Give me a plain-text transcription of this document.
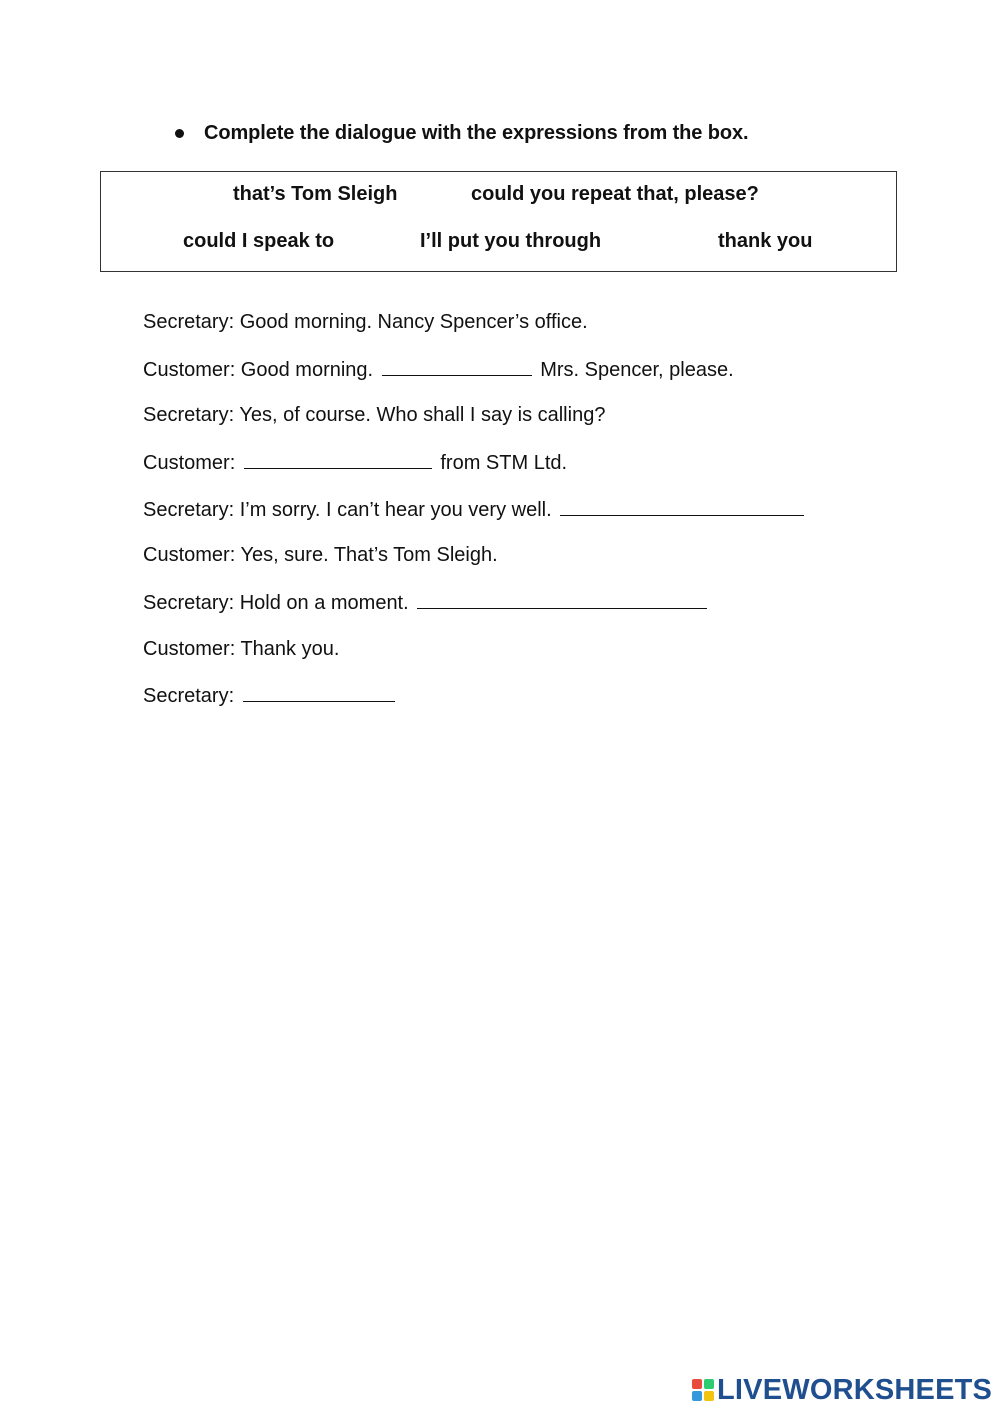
Complete the dialogue with the expressions from the box.
that’s Tom Sleigh	could you repeat that, please?
could I speak to	I’ll put you through	thank you
Secretary: Good morning. Nancy Spencer’s office.
Customer: Good morning.	Mrs. Spencer, please.
Secretary: Yes, of course. Who shall I say is calling?
Customer:	from STM Ltd.
Secretary: I’m sorry. I can’t hear you very well.
Customer: Yes, sure. That’s Tom Sleigh.
Secretary: Hold on a moment.
Customer: Thank you.
Secretary:
LIVEWORKSHEETS
